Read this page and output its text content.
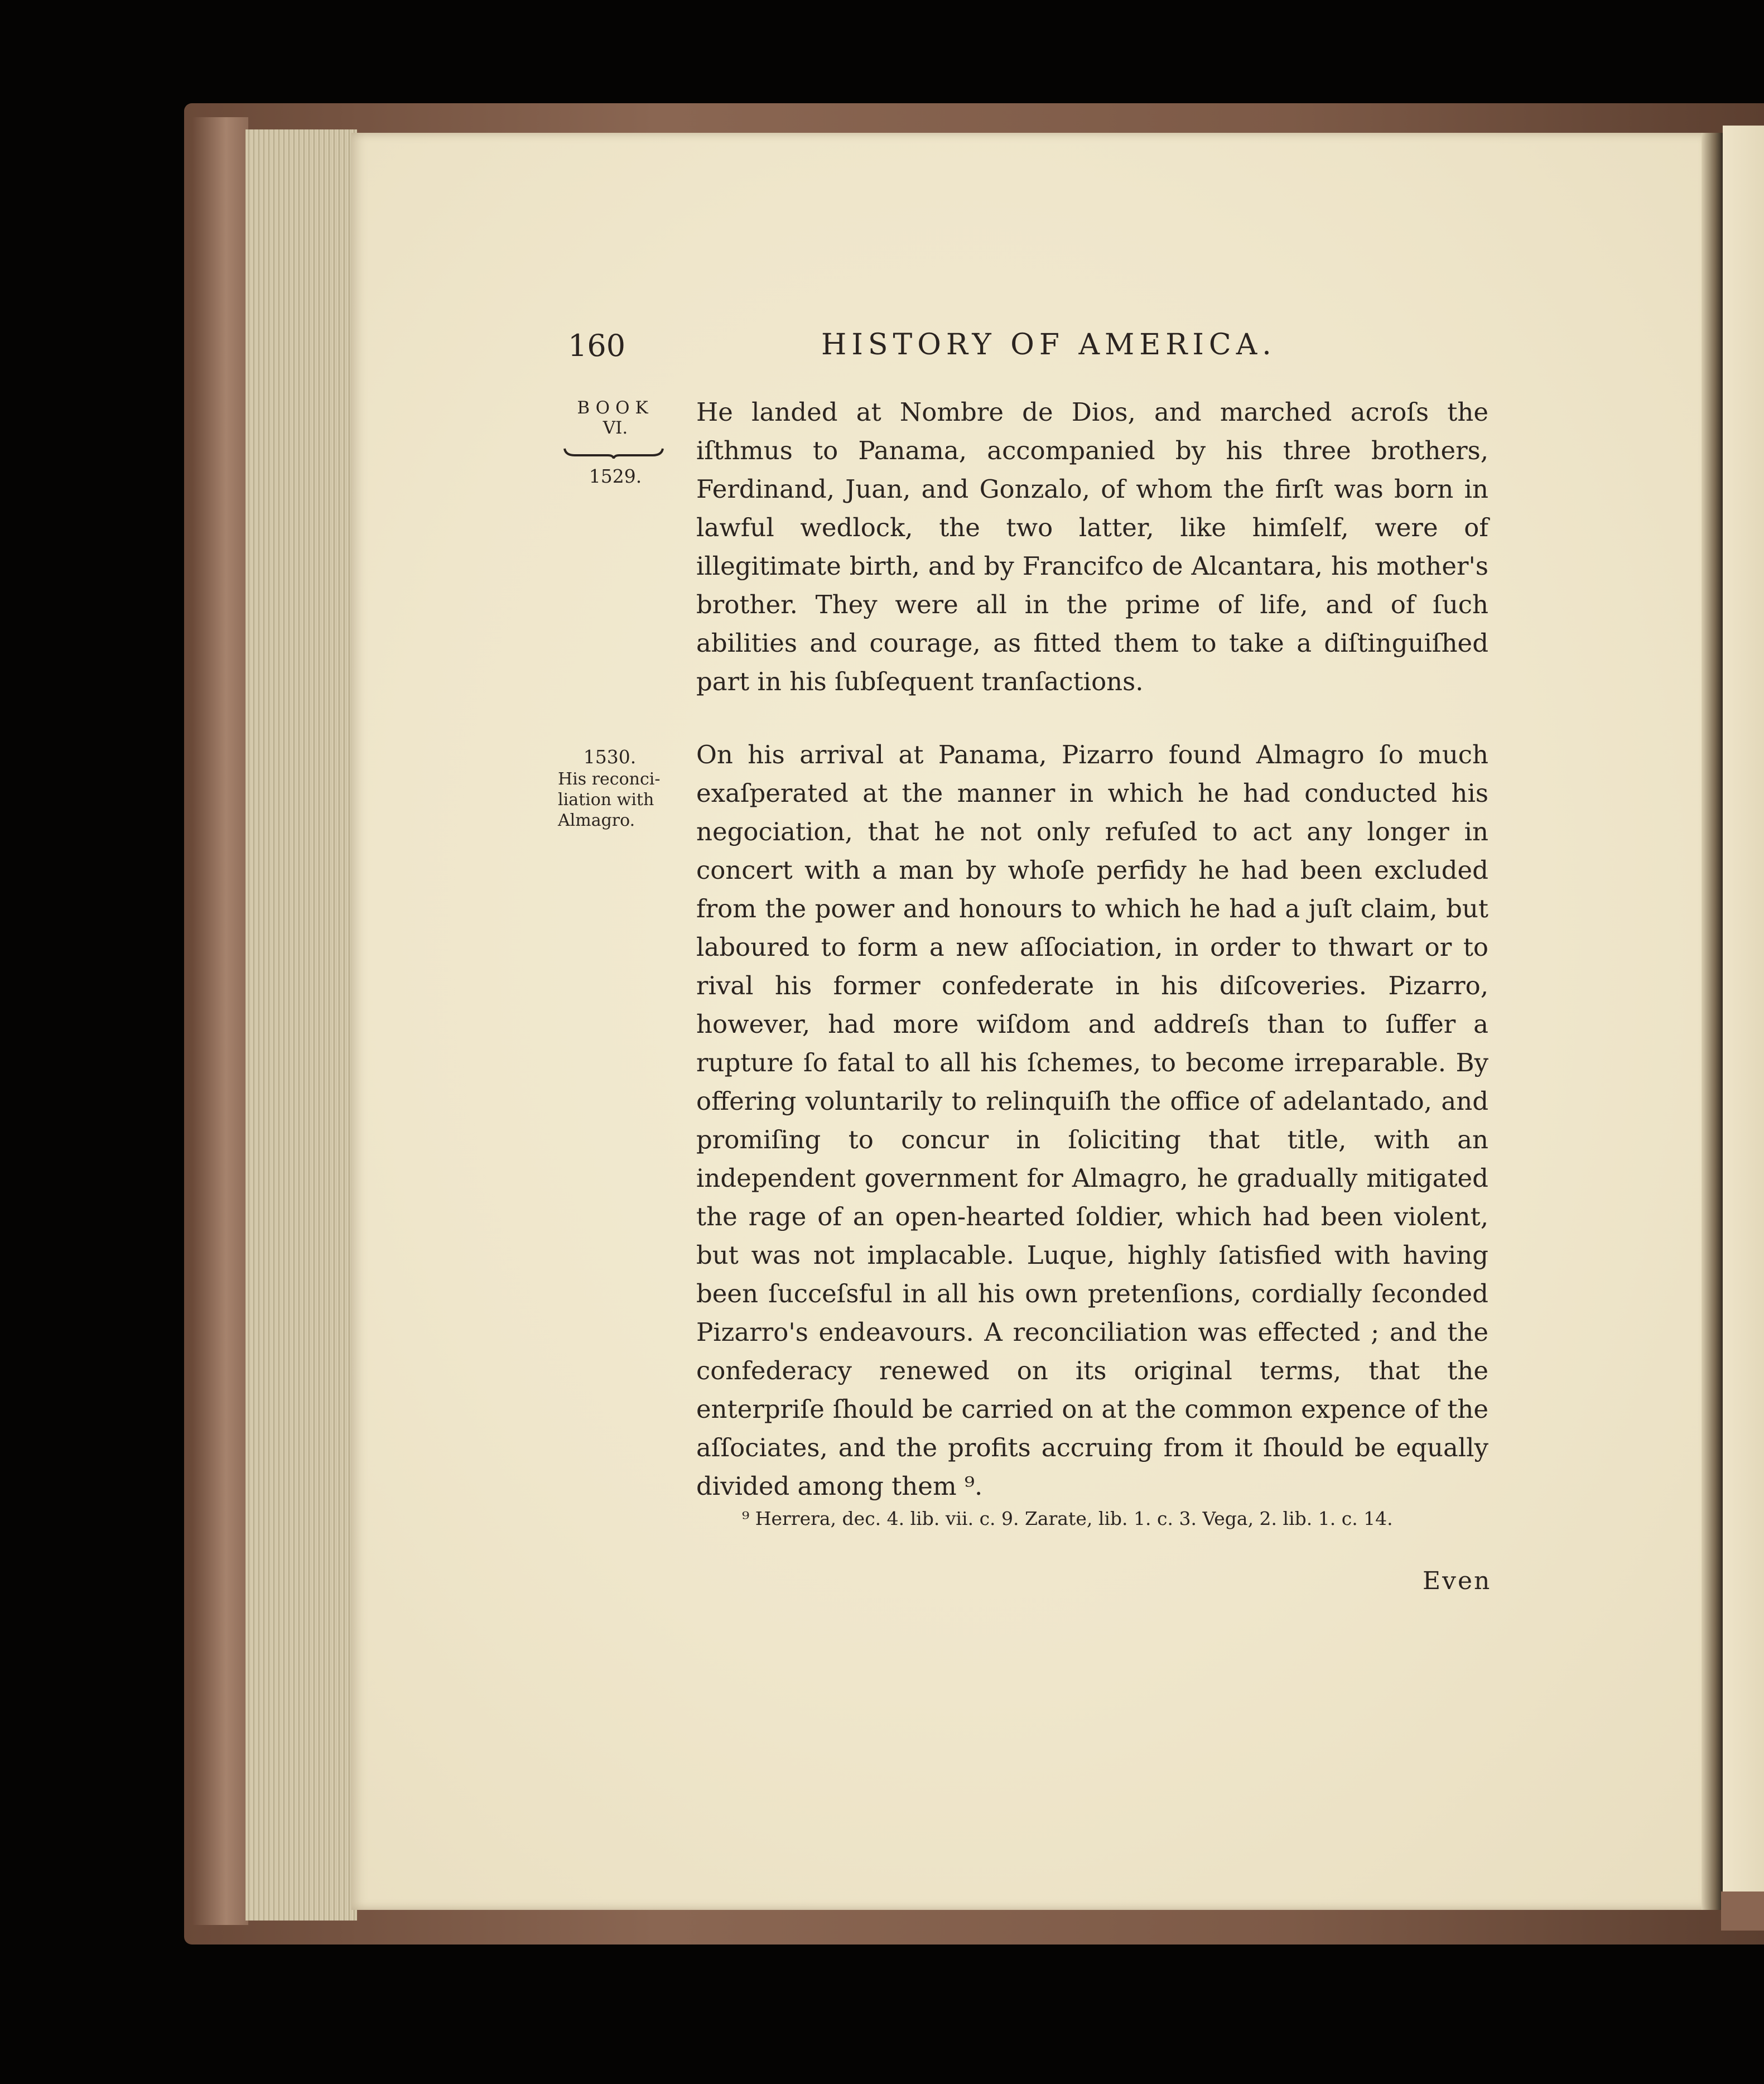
160	HISTORY OF AMERICA.
BOOK
VI.
1529.
1530.
His reconci-liation with Almagro.
He landed at Nombre de Dios, and marched acroſs the iſthmus to Panama, accompanied by his three brothers, Ferdinand, Juan, and Gonzalo, of whom the firſt was born in lawful wedlock, the two latter, like himſelf, were of illegitimate birth, and by Francifco de Alcantara, his mother's brother. They were all in the prime of life, and of ſuch abilities and courage, as fitted them to take a diſtinguiſhed part in his ſubſequent tranſactions.
On his arrival at Panama, Pizarro found Almagro ſo much exaſperated at the manner in which he had conducted his negociation, that he not only refuſed to act any longer in concert with a man by whoſe perfidy he had been excluded from the power and honours to which he had a juſt claim, but laboured to form a new aſſociation, in order to thwart or to rival his former confederate in his diſcoveries. Pizarro, however, had more wiſdom and addreſs than to ſuffer a rupture ſo fatal to all his ſchemes, to become irreparable. By offering voluntarily to relinquiſh the office of adelantado, and promiſing to concur in ſoliciting that title, with an independent government for Almagro, he gradually mitigated the rage of an open-hearted ſoldier, which had been violent, but was not implacable. Luque, highly ſatisfied with having been ſucceſsful in all his own pretenſions, cordially ſeconded Pizarro's endeavours. A reconciliation was effected ; and the confederacy renewed on its original terms, that the enterpriſe ſhould be carried on at the common expence of the aſſociates, and the profits accruing from it ſhould be equally divided among them ⁹.
⁹ Herrera, dec. 4. lib. vii. c. 9. Zarate, lib. 1. c. 3. Vega, 2. lib. 1. c. 14.
Even
